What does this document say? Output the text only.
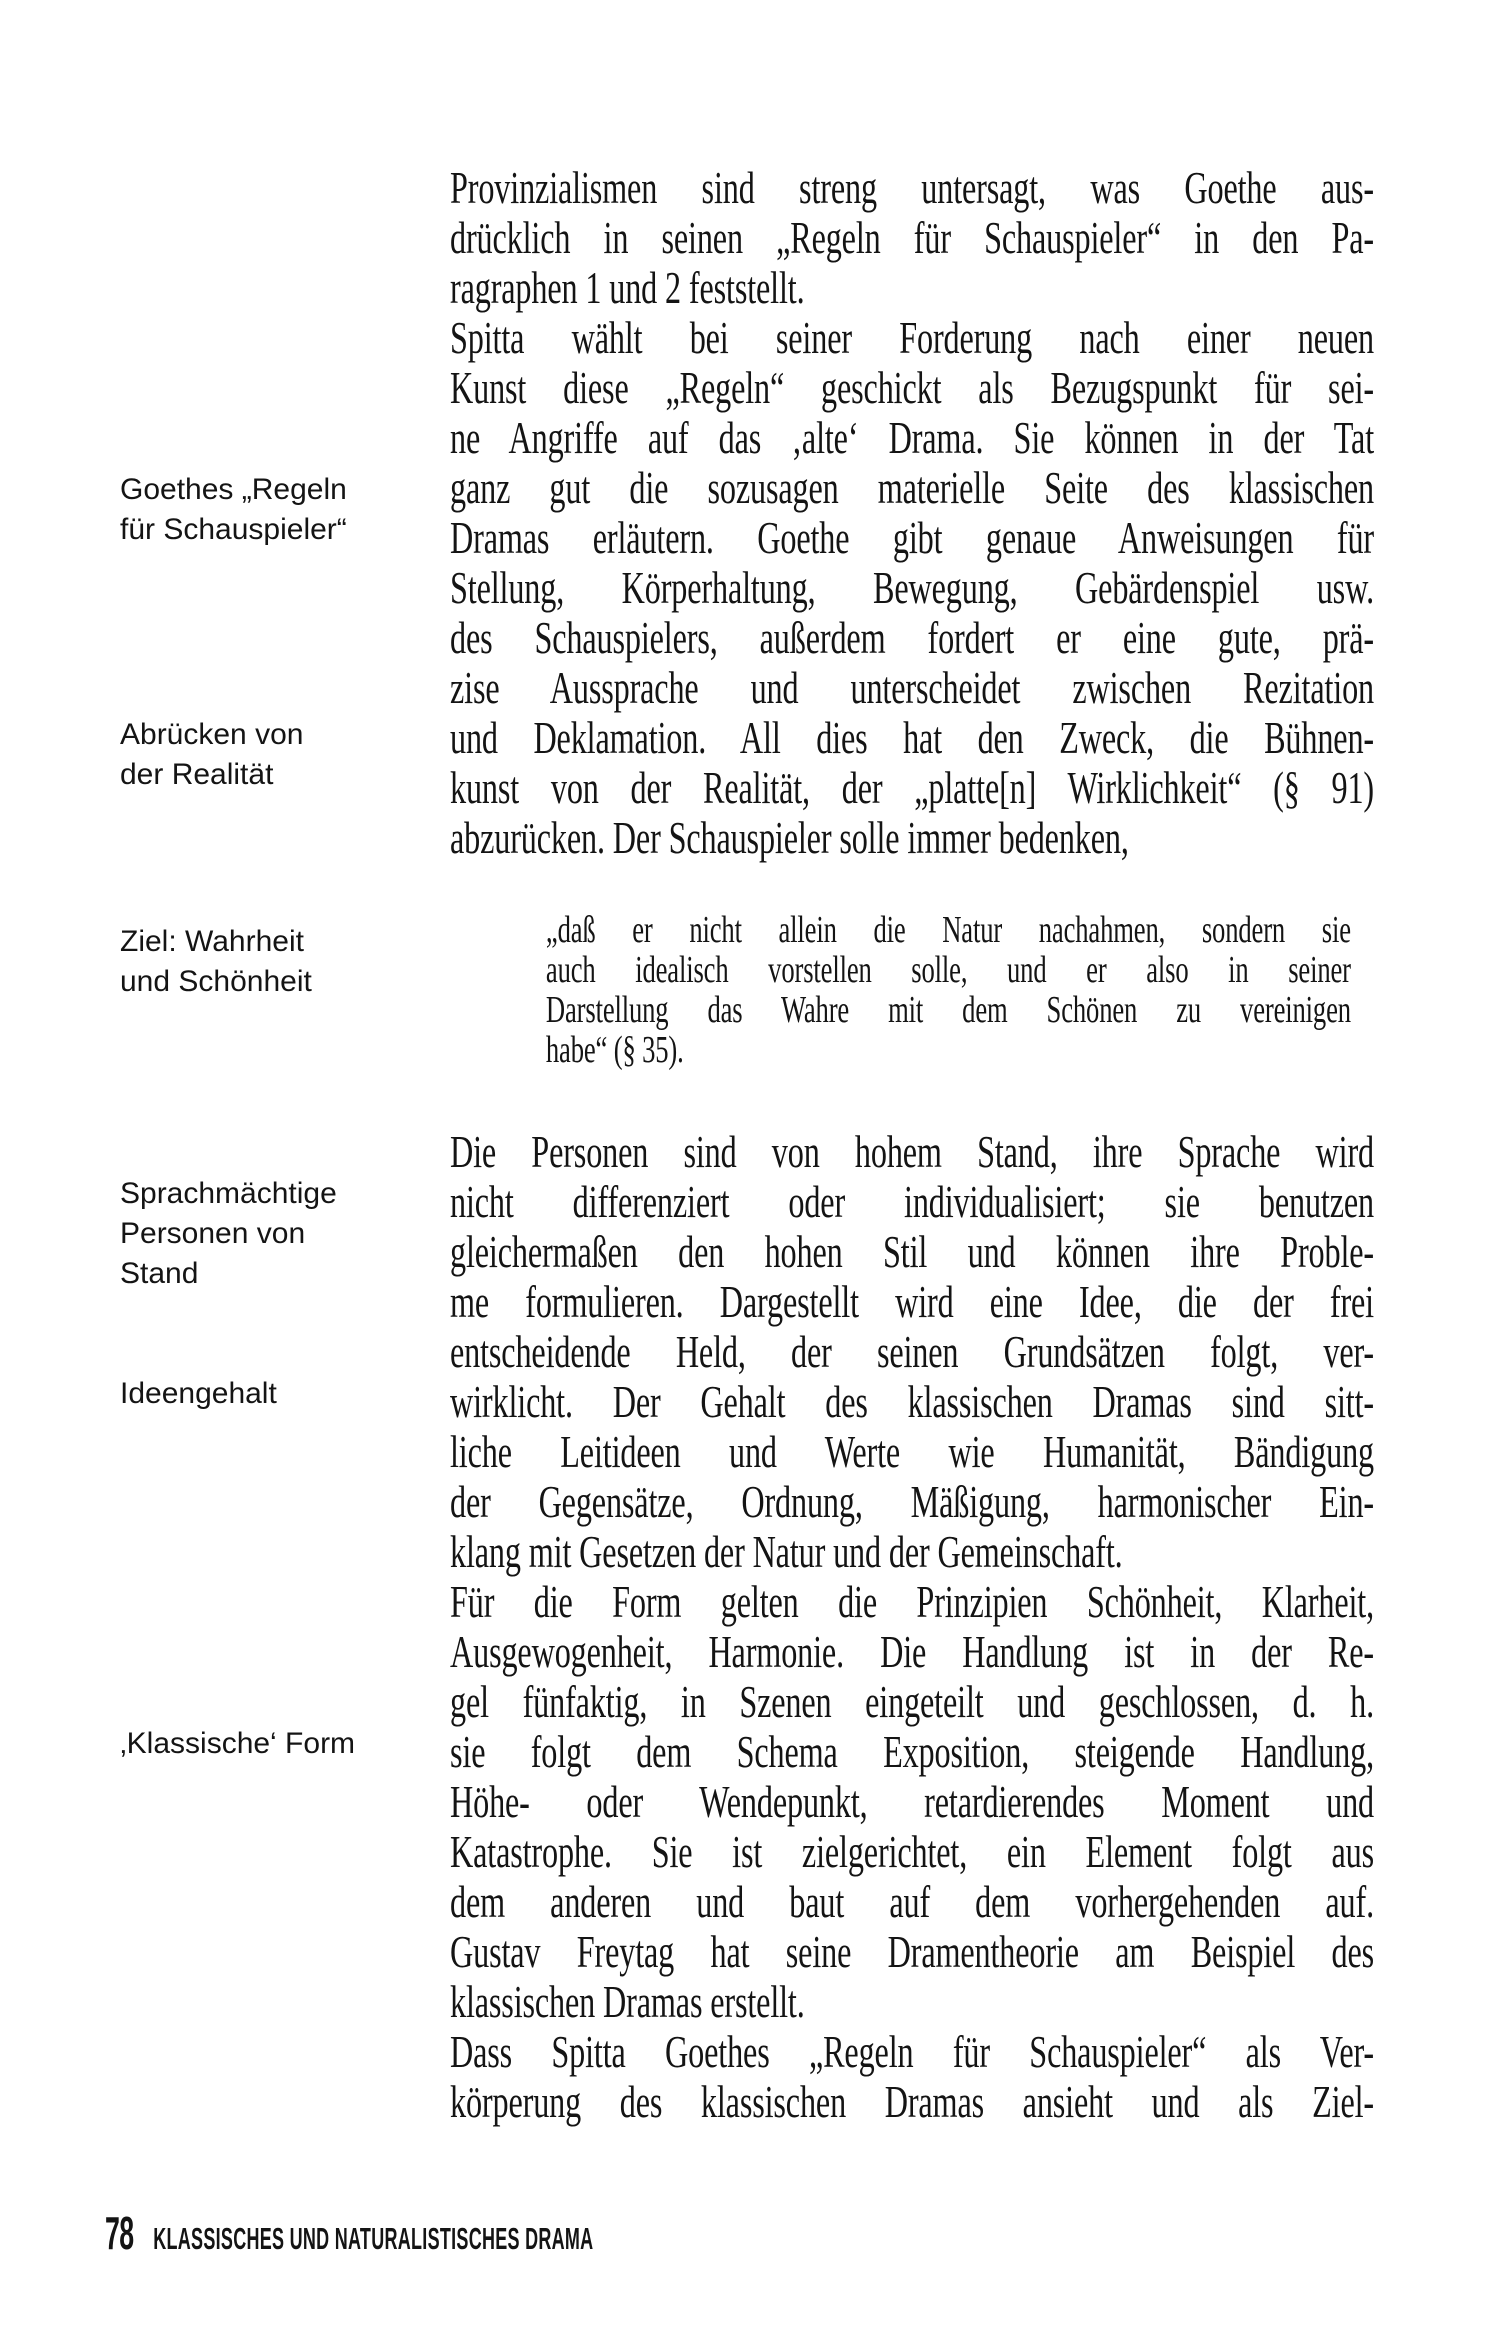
Goethes „Regeln
für Schauspieler“
Abrücken von
der Realität
Ziel: Wahrheit
und Schönheit
Sprachmächtige
Personen von
Stand
Ideengehalt
‚Klassische‘ Form
Provinzialismen sind streng untersagt, was Goethe aus-
drücklich in seinen „Regeln für Schauspieler“ in den Pa-
ragraphen 1 und 2 feststellt.
Spitta wählt bei seiner Forderung nach einer neuen
Kunst diese „Regeln“ geschickt als Bezugspunkt für sei-
ne Angriffe auf das ‚alte‘ Drama. Sie können in der Tat
ganz gut die sozusagen materielle Seite des klassischen
Dramas erläutern. Goethe gibt genaue Anweisungen für
Stellung, Körperhaltung, Bewegung, Gebärdenspiel usw.
des Schauspielers, außerdem fordert er eine gute, prä-
zise Aussprache und unterscheidet zwischen Rezitation
und Deklamation. All dies hat den Zweck, die Bühnen-
kunst von der Realität, der „platte[n] Wirklichkeit“ (§ 91)
abzurücken. Der Schauspieler solle immer bedenken,
„daß er nicht allein die Natur nachahmen, sondern sie
auch idealisch vorstellen solle, und er also in seiner
Darstellung das Wahre mit dem Schönen zu vereinigen
habe“ (§ 35).
Die Personen sind von hohem Stand, ihre Sprache wird
nicht differenziert oder individualisiert; sie benutzen
gleichermaßen den hohen Stil und können ihre Proble-
me formulieren. Dargestellt wird eine Idee, die der frei
entscheidende Held, der seinen Grundsätzen folgt, ver-
wirklicht. Der Gehalt des klassischen Dramas sind sitt-
liche Leitideen und Werte wie Humanität, Bändigung
der Gegensätze, Ordnung, Mäßigung, harmonischer Ein-
klang mit Gesetzen der Natur und der Gemeinschaft.
Für die Form gelten die Prinzipien Schönheit, Klarheit,
Ausgewogenheit, Harmonie. Die Handlung ist in der Re-
gel fünfaktig, in Szenen eingeteilt und geschlossen, d. h.
sie folgt dem Schema Exposition, steigende Handlung,
Höhe- oder Wendepunkt, retardierendes Moment und
Katastrophe. Sie ist zielgerichtet, ein Element folgt aus
dem anderen und baut auf dem vorhergehenden auf.
Gustav Freytag hat seine Dramentheorie am Beispiel des
klassischen Dramas erstellt.
Dass Spitta Goethes „Regeln für Schauspieler“ als Ver-
körperung des klassischen Dramas ansieht und als Ziel-
78 KLASSISCHES UND NATURALISTISCHES DRAMA
